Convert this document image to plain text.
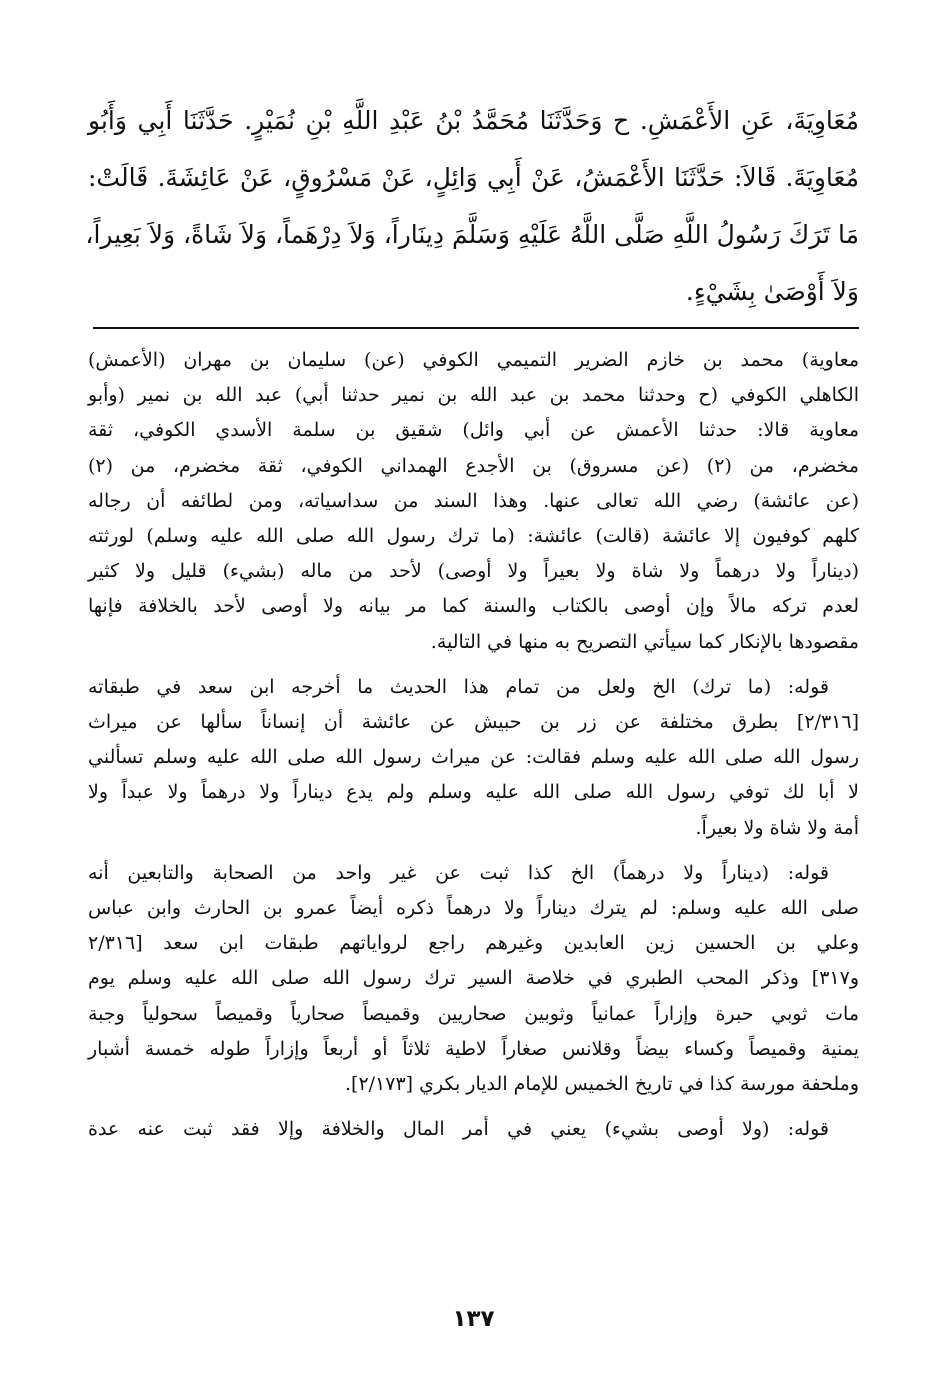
مُعَاوِيَةَ، عَنِ الأَعْمَشِ. ح وَحَدَّثَنَا مُحَمَّدُ بْنُ عَبْدِ اللَّهِ بْنِ نُمَيْرٍ. حَدَّثَنَا أَبِي وَأَبُو
مُعَاوِيَةَ. قَالاَ: حَدَّثَنَا الأَعْمَشُ، عَنْ أَبِي وَائِلٍ، عَنْ مَسْرُوقٍ، عَنْ عَائِشَةَ. قَالَتْ:
مَا تَرَكَ رَسُولُ اللَّهِ صَلَّى اللَّهُ عَلَيْهِ وَسَلَّمَ دِينَاراً، وَلاَ دِرْهَماً، وَلاَ شَاةً، وَلاَ بَعِيراً،
وَلاَ أَوْصَىٰ بِشَيْءٍ.

معاوية) محمد بن خازم الضرير التميمي الكوفي (عن) سليمان بن مهران (الأعمش)
الكاهلي الكوفي (ح وحدثنا محمد بن عبد الله بن نمير حدثنا أبي) عبد الله بن نمير (وأبو
معاوية قالا: حدثنا الأعمش عن أبي وائل) شقيق بن سلمة الأسدي الكوفي، ثقة
مخضرم، من (٢) (عن مسروق) بن الأجدع الهمداني الكوفي، ثقة مخضرم، من (٢)
(عن عائشة) رضي الله تعالى عنها. وهذا السند من سداسياته، ومن لطائفه أن رجاله
كلهم كوفيون إلا عائشة (قالت) عائشة: (ما ترك رسول الله صلى الله عليه وسلم) لورثته
(ديناراً ولا درهماً ولا شاة ولا بعيراً ولا أوصى) لأحد من ماله (بشيء) قليل ولا كثير
لعدم تركه مالاً وإن أوصى بالكتاب والسنة كما مر بيانه ولا أوصى لأحد بالخلافة فإنها
مقصودها بالإنكار كما سيأتي التصريح به منها في التالية.

قوله: (ما ترك) الخ ولعل من تمام هذا الحديث ما أخرجه ابن سعد في طبقاته
[٢/٣١٦] بطرق مختلفة عن زر بن حبيش عن عائشة أن إنساناً سألها عن ميراث
رسول الله صلى الله عليه وسلم فقالت: عن ميراث رسول الله صلى الله عليه وسلم تسألني
لا أبا لك توفي رسول الله صلى الله عليه وسلم ولم يدع ديناراً ولا درهماً ولا عبداً ولا
أمة ولا شاة ولا بعيراً.

قوله: (ديناراً ولا درهماً) الخ كذا ثبت عن غير واحد من الصحابة والتابعين أنه
صلى الله عليه وسلم: لم يترك ديناراً ولا درهماً ذكره أيضاً عمرو بن الحارث وابن عباس
وعلي بن الحسين زين العابدين وغيرهم راجع لرواياتهم طبقات ابن سعد [٢/٣١٦
و٣١٧] وذكر المحب الطبري في خلاصة السير ترك رسول الله صلى الله عليه وسلم يوم
مات ثوبي حبرة وإزاراً عمانياً وثوبين صحاريين وقميصاً صحارياً وقميصاً سحولياً وجبة
يمنية وقميصاً وكساء بيضاً وقلانس صغاراً لاطية ثلاثاً أو أربعاً وإزاراً طوله خمسة أشبار
وملحفة مورسة كذا في تاريخ الخميس للإمام الديار بكري [٢/١٧٣].

قوله: (ولا أوصى بشيء) يعني في أمر المال والخلافة وإلا فقد ثبت عنه عدة

١٣٧
